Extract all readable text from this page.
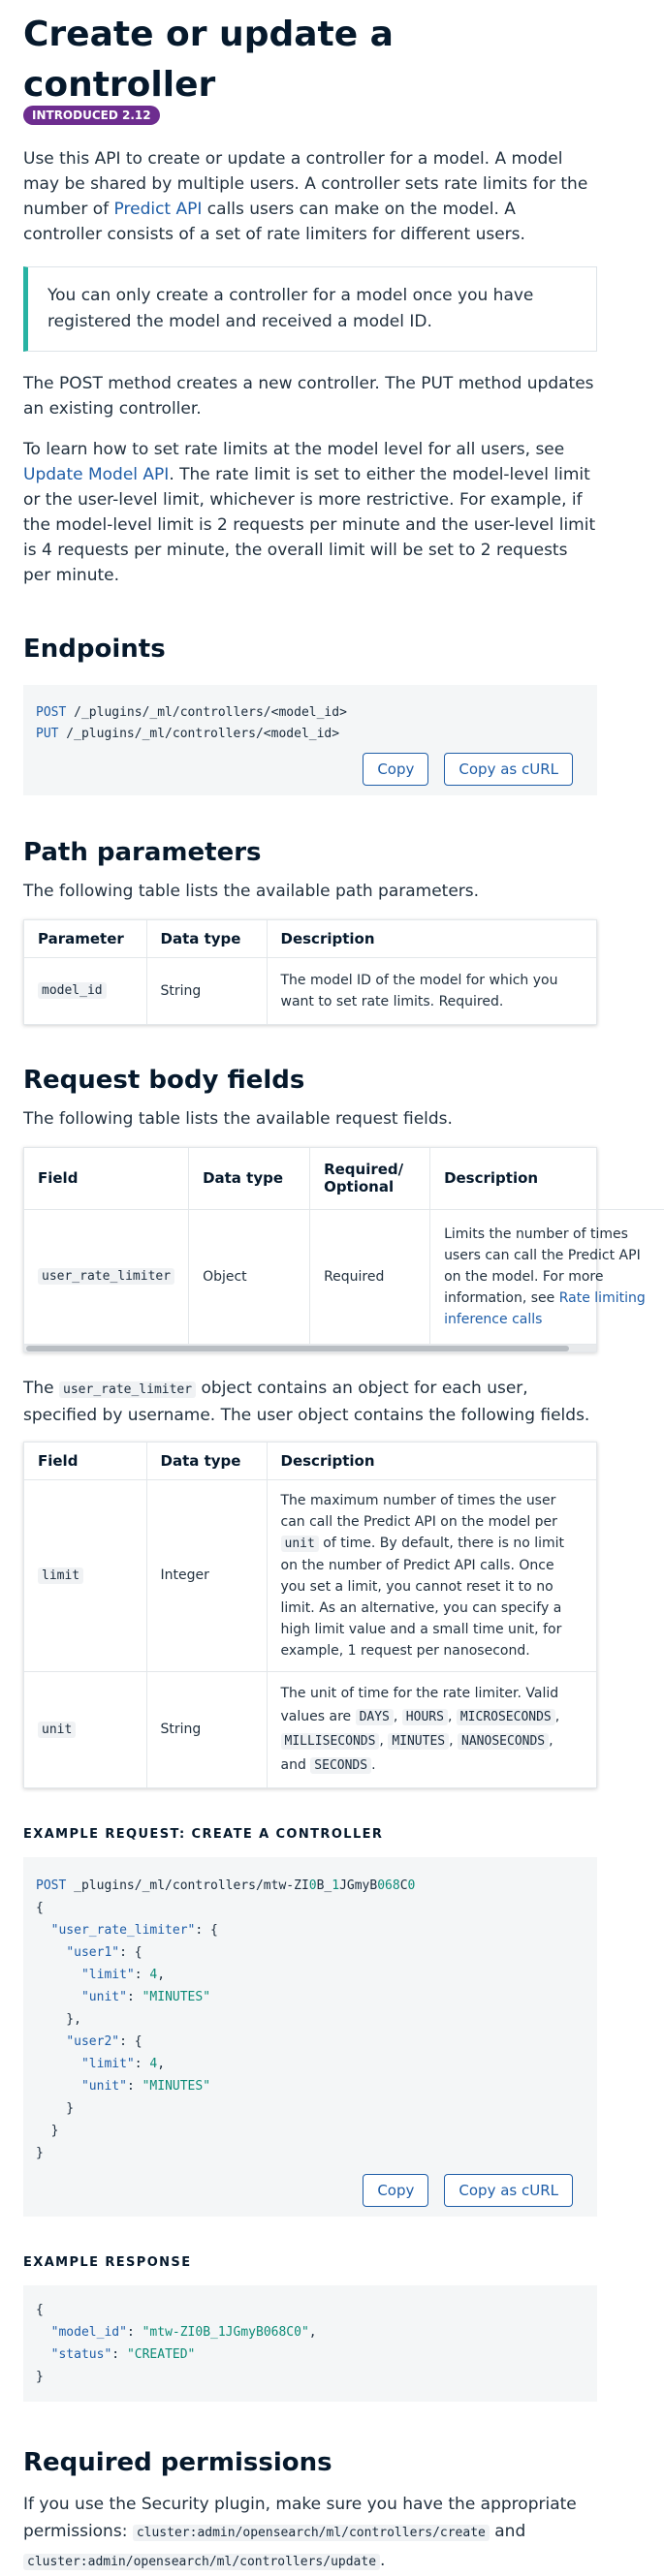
Create or update a controller
INTRODUCED 2.12

Use this API to create or update a controller for a model. A model may be shared by multiple users. A controller sets rate limits for the number of Predict API calls users can make on the model. A controller consists of a set of rate limiters for different users.

You can only create a controller for a model once you have registered the model and received a model ID.

The POST method creates a new controller. The PUT method updates an existing controller.

To learn how to set rate limits at the model level for all users, see Update Model API. The rate limit is set to either the model-level limit or the user-level limit, whichever is more restrictive. For example, if the model-level limit is 2 requests per minute and the user-level limit is 4 requests per minute, the overall limit will be set to 2 requests per minute.

Endpoints
POST /_plugins/_ml/controllers/<model_id>
PUT /_plugins/_ml/controllers/<model_id>
Copy	Copy as cURL
Path parameters

The following table lists the available path parameters.

Parameter	Data type	Description
model_id	String	The model ID of the model for which you want to set rate limits. Required.
Request body fields

The following table lists the available request fields.

Field	Data type	Required/ Optional	Description
user_rate_limiter	Object	Required	Limits the number of times users can call the Predict API on the model. For more information, see Rate limiting inference calls

The user_rate_limiter object contains an object for each user, specified by username. The user object contains the following fields.

Field	Data type	Description
limit	Integer	The maximum number of times the user can call the Predict API on the model per unit of time. By default, there is no limit on the number of Predict API calls. Once you set a limit, you cannot reset it to no limit. As an alternative, you can specify a high limit value and a small time unit, for example, 1 request per nanosecond.
unit	String	The unit of time for the rate limiter. Valid values are DAYS , HOURS , MICROSECONDS , MILLISECONDS , MINUTES , NANOSECONDS , and SECONDS .
EXAMPLE REQUEST: CREATE A CONTROLLER
POST _plugins/_ml/controllers/mtw-ZI0B_1JGmyB068C0
{
"user_rate_limiter": {
"user1": {
"limit": 4,
"unit": "MINUTES"
},
"user2": {
"limit": 4,
"unit": "MINUTES"
}
}
}
Copy	Copy as cURL
EXAMPLE RESPONSE
{
"model_id": "mtw-ZI0B_1JGmyB068C0",
"status": "CREATED"
}
Required permissions

If you use the Security plugin, make sure you have the appropriate permissions: cluster:admin/opensearch/ml/controllers/create and cluster:admin/opensearch/ml/controllers/update .
